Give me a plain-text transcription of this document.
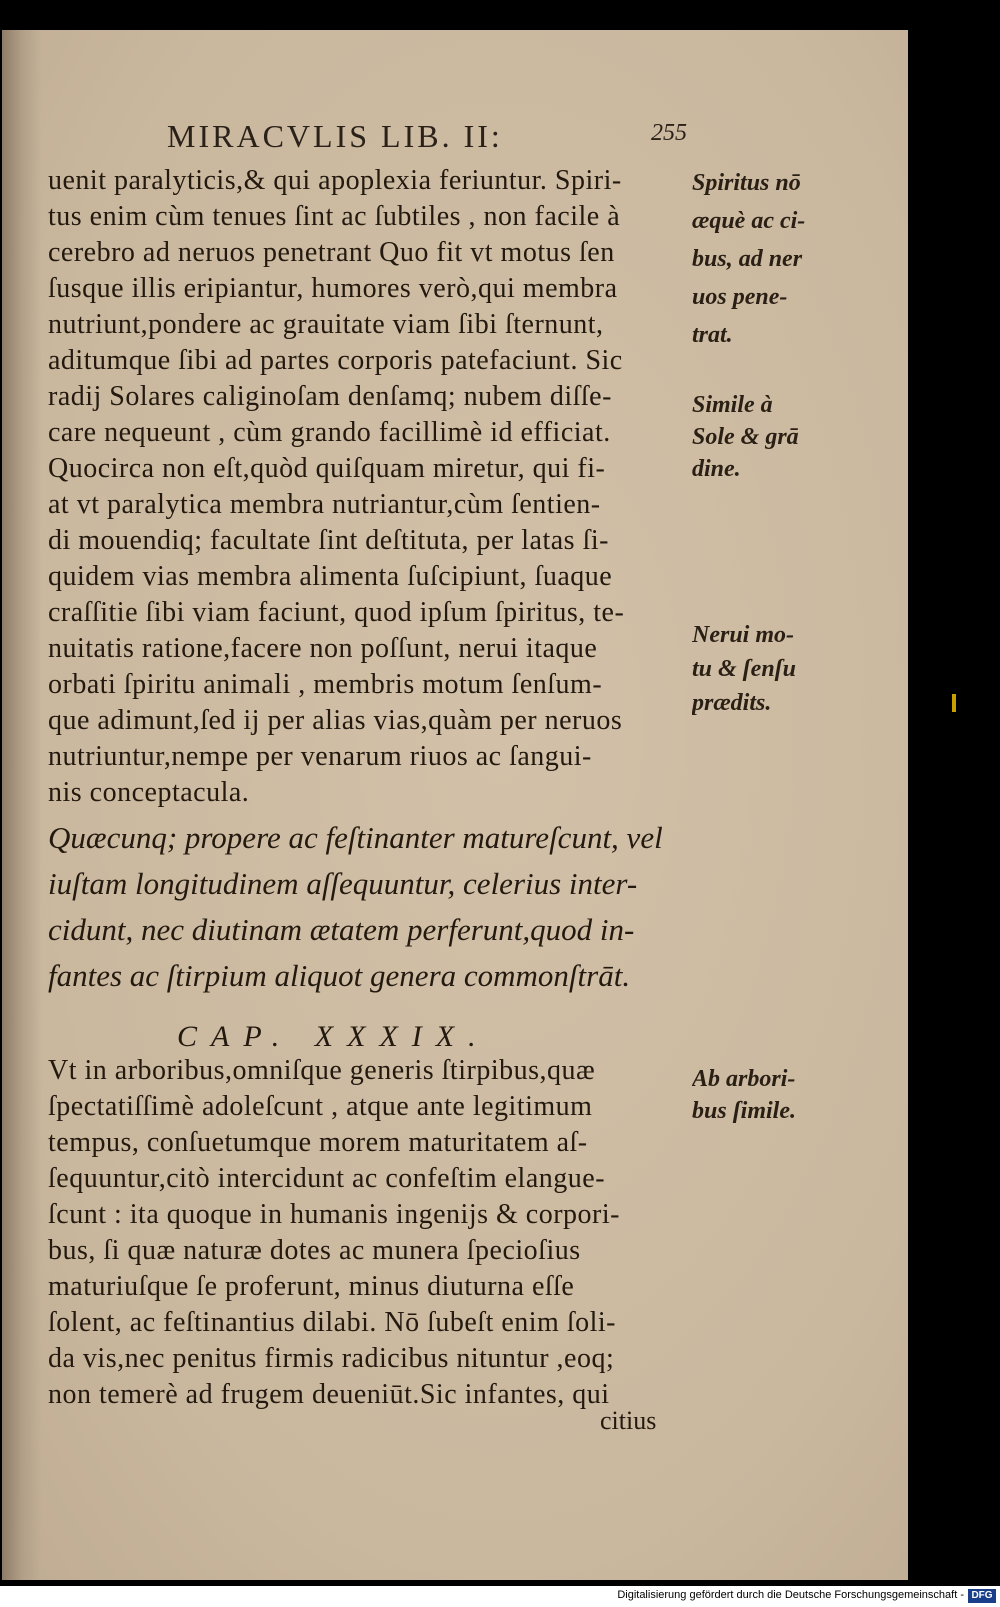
MIRACVLIS LIB. II:	255
uenit paralyticis,& qui apoplexia feriuntur. Spiri-
tus enim cùm tenues ſint ac ſubtiles , non facile à
cerebro ad neruos penetrant Quo fit vt motus ſen
ſusque illis eripiantur, humores verò,qui membra
nutriunt,pondere ac grauitate viam ſibi ſternunt,
aditumque ſibi ad partes corporis patefaciunt. Sic
radij Solares caliginoſam denſamq; nubem diſſe-
care nequeunt , cùm grando facillimè id efficiat.
Quocirca non eſt,quòd quiſquam miretur, qui fi-
at vt paralytica membra nutriantur,cùm ſentien-
di mouendiq; facultate ſint deſtituta, per latas ſi-
quidem vias membra alimenta ſuſcipiunt, ſuaque
craſſitie ſibi viam faciunt, quod ipſum ſpiritus, te-
nuitatis ratione,facere non poſſunt, nerui itaque
orbati ſpiritu animali , membris motum ſenſum-
que adimunt,ſed ij per alias vias,quàm per neruos
nutriuntur,nempe per venarum riuos ac ſangui-
nis conceptacula.
Spiritus nō
æquè ac ci-
bus, ad ner
uos pene-
trat.
Simile à
Sole & grā
dine.
Nerui mo-
tu & ſenſu
prædits.
Quæcunq; propere ac feſtinanter matureſcunt, vel
iuſtam longitudinem aſſequuntur, celerius inter-
cidunt, nec diutinam ætatem perferunt,quod in-
fantes ac ſtirpium aliquot genera commonſtrāt.
CAP. XXXIX.
Vt in arboribus,omniſque generis ſtirpibus,quæ
ſpectatiſſimè adoleſcunt , atque ante legitimum
tempus, conſuetumque morem maturitatem aſ-
ſequuntur,citò intercidunt ac confeſtim elangue-
ſcunt : ita quoque in humanis ingenijs & corpori-
bus, ſi quæ naturæ dotes ac munera ſpecioſius
maturiuſque ſe proferunt, minus diuturna eſſe
ſolent, ac feſtinantius dilabi. Nō ſubeſt enim ſoli-
da vis,nec penitus firmis radicibus nituntur ,eoq;
non temerè ad frugem deueniūt.Sic infantes, qui
Ab arbori-
bus ſimile.
citius
Digitalisierung gefördert durch die Deutsche Forschungsgemeinschaft - DFG
